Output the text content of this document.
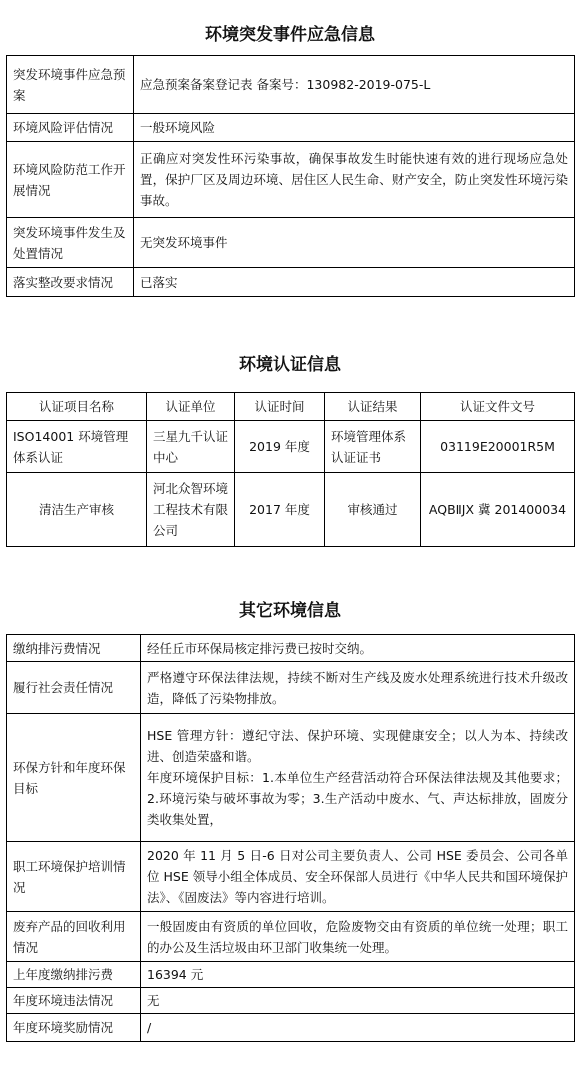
环境突发事件应急信息
突发环境事件应急预案	应急预案备案登记表 备案号：130982-2019-075-L
环境风险评估情况	一般环境风险
环境风险防范工作开展情况	正确应对突发性环污染事故，确保事故发生时能快速有效的进行现场应急处置，保护厂区及周边环境、居住区人民生命、财产安全，防止突发性环境污染事故。
突发环境事件发生及处置情况	无突发环境事件
落实整改要求情况	已落实
环境认证信息
认证项目名称	认证单位	认证时间	认证结果	认证文件文号
ISO14001 环境管理体系认证	三星九千认证中心	2019 年度	环境管理体系认证证书	03119E20001R5M
清洁生产审核	河北众智环境工程技术有限公司	2017 年度	审核通过	AQBⅡJX 冀 201400034
其它环境信息
缴纳排污费情况	经任丘市环保局核定排污费已按时交纳。
履行社会责任情况	严格遵守环保法律法规，持续不断对生产线及废水处理系统进行技术升级改造，降低了污染物排放。
环保方针和年度环保目标	HSE 管理方针：遵纪守法、保护环境、实现健康安全；以人为本、持续改进、创造荣盛和谐。
年度环境保护目标：1.本单位生产经营活动符合环保法律法规及其他要求；2.环境污染与破坏事故为零；3.生产活动中废水、气、声达标排放，固废分类收集处置，

职工环境保护培训情况	2020 年 11 月 5 日-6 日对公司主要负责人、公司 HSE 委员会、公司各单位 HSE 领导小组全体成员、安全环保部人员进行《中华人民共和国环境保护法》、《固废法》等内容进行培训。
废弃产品的回收利用情况	一般固废由有资质的单位回收，危险废物交由有资质的单位统一处理；职工的办公及生活垃圾由环卫部门收集统一处理。
上年度缴纳排污费	16394 元
年度环境违法情况	无
年度环境奖励情况	/
